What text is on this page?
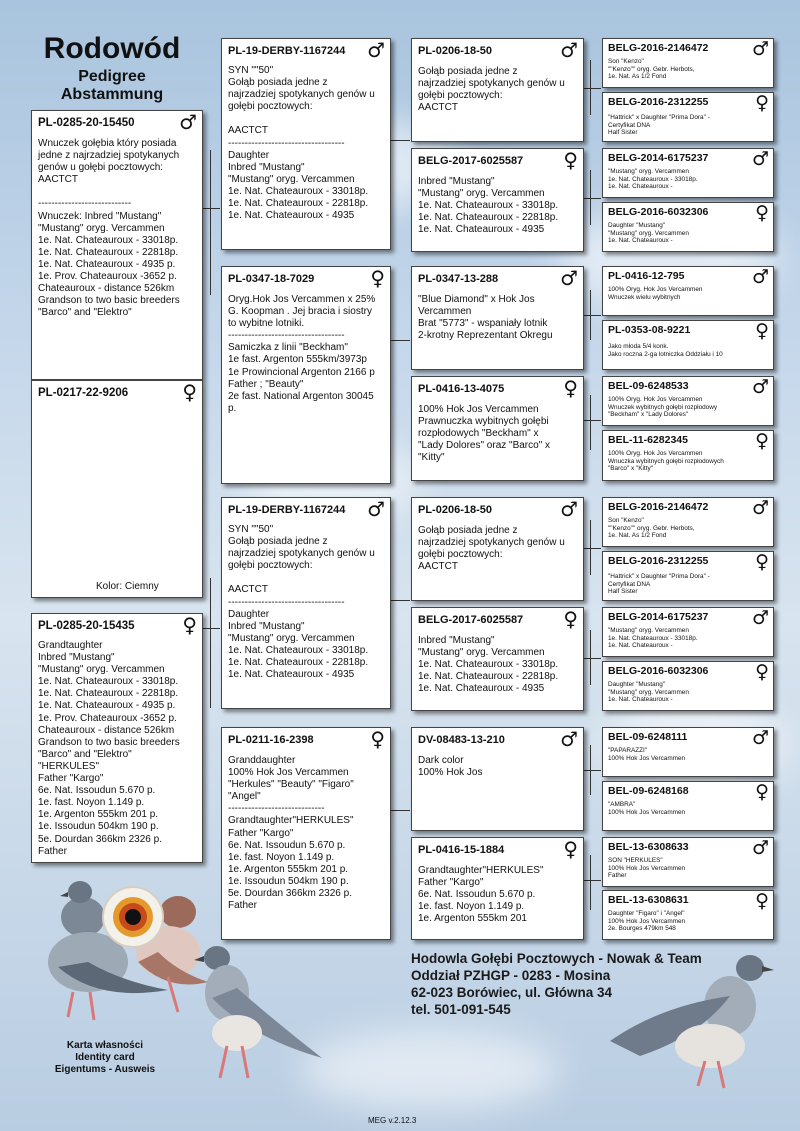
Rodowód
Pedigree
Abstammung
PL-0285-20-15450 ♂
Wnuczek gołębia który posiada
jedne z najrzadziej spotykanych
genów u gołębi pocztowych:
AACTCT

----------------------------
Wnuczek: Inbred "Mustang"
"Mustang" oryg. Vercammen
1e. Nat. Chateauroux - 33018p.
1e. Nat. Chateauroux - 22818p.
1e. Nat. Chateauroux - 4935 p.
1e. Prov. Chateauroux -3652 p.
Chateauroux - distance 526km
Grandson to two basic breeders
"Barco" and "Elektro"
PL-0217-22-9206	♀
Kolor: Ciemny
PL-0285-20-15435 ♀
Grandtaughter
Inbred "Mustang"
"Mustang" oryg. Vercammen
1e. Nat. Chateauroux - 33018p.
1e. Nat. Chateauroux - 22818p.
1e. Nat. Chateauroux - 4935 p.
1e. Prov. Chateauroux -3652 p.
Chateauroux - distance 526km
Grandson to two basic breeders
"Barco" and "Elektro"
"HERKULES"
Father "Kargo"
6e. Nat. Issoudun 5.670 p.
1e. fast. Noyon 1.149 p.
1e. Argenton 555km 201 p.
1e. Issoudun 504km 190 p.
5e. Dourdan 366km 2326 p.
Father
PL-19-DERBY-1167244 ♂
SYN ""50"
Gołąb posiada jedne z
najrzadziej spotykanych genów u
gołębi pocztowych:

AACTCT
-----------------------------------
Daughter
Inbred "Mustang"
"Mustang" oryg. Vercammen
1e. Nat. Chateauroux - 33018p.
1e. Nat. Chateauroux - 22818p.
1e. Nat. Chateauroux - 4935
PL-0347-18-7029	♀
Oryg.Hok Jos Vercammen x 25%
G. Koopman . Jej bracia i siostry
to wybitne lotniki.
-----------------------------------
Samiczka z linii "Beckham"
1e fast. Argenton 555km/3973p
1e Prowincional Argenton 2166 p
Father ; "Beauty"
2e fast. National Argenton 30045
p.
PL-19-DERBY-1167244 ♂
SYN ""50"
Gołąb posiada jedne z
najrzadziej spotykanych genów u
gołębi pocztowych:

AACTCT
-----------------------------------
Daughter
Inbred "Mustang"
"Mustang" oryg. Vercammen
1e. Nat. Chateauroux - 33018p.
1e. Nat. Chateauroux - 22818p.
1e. Nat. Chateauroux - 4935
PL-0211-16-2398	♀
Granddaughter
100% Hok Jos Vercammen
"Herkules" "Beauty" "Figaro"
"Angel"
-----------------------------
Grandtaughter"HERKULES"
Father "Kargo"
6e. Nat. Issoudun 5.670 p.
1e. fast. Noyon 1.149 p.
1e. Argenton 555km 201 p.
1e. Issoudun 504km 190 p.
5e. Dourdan 366km 2326 p.
Father
PL-0206-18-50	♂
Gołąb posiada jedne z
najrzadziej spotykanych genów u
gołębi pocztowych:
AACTCT
BELG-2017-6025587 ♀
Inbred "Mustang"
"Mustang" oryg. Vercammen
1e. Nat. Chateauroux - 33018p.
1e. Nat. Chateauroux - 22818p.
1e. Nat. Chateauroux - 4935
PL-0347-13-288	♂
"Blue Diamond" x Hok Jos
Vercammen
Brat "5773" - wspaniały lotnik
2-krotny Reprezentant Okregu
PL-0416-13-4075	♀
100% Hok Jos Vercammen
Prawnuczka wybitnych gołębi
rozpłodowych "Beckham" x
"Lady Dolores" oraz "Barco" x
"Kitty"
PL-0206-18-50	♂
Gołąb posiada jedne z
najrzadziej spotykanych genów u
gołębi pocztowych:
AACTCT
BELG-2017-6025587 ♀
Inbred "Mustang"
"Mustang" oryg. Vercammen
1e. Nat. Chateauroux - 33018p.
1e. Nat. Chateauroux - 22818p.
1e. Nat. Chateauroux - 4935
DV-08483-13-210	♂
Dark color
100% Hok Jos
PL-0416-15-1884	♀
Grandtaughter"HERKULES"
Father "Kargo"
6e. Nat. Issoudun 5.670 p.
1e. fast. Noyon 1.149 p.
1e. Argenton 555km 201
BELG-2016-2146472 ♂
Son "Kenzo"
""Kenzo"" oryg. Gebr. Herbots,
1e. Nat. As 1/2 Fond
BELG-2016-2312255 ♀
"Hattrick" x Daughter "Prima Dora" -
Certyfikat DNA
Half Sister
BELG-2014-6175237 ♂
"Mustang" oryg. Vercammen
1e. Nat. Chateauroux - 33018p.
1e. Nat. Chateauroux -
BELG-2016-6032306 ♀
Daughter "Mustang"
"Mustang" oryg. Vercammen
1e. Nat. Chateauroux -
PL-0416-12-795	♂
100% Oryg. Hok Jos Vercammen
Wnuczek wielu wybitnych
PL-0353-08-9221	♀
Jako młoda 5/4 konk.
Jako roczna 2-ga lotniczka Oddziału i 10
BEL-09-6248533	♂
100% Oryg. Hok Jos Vercammen
Wnuczek wybitnych gołębi rozpłodowy
"Beckham" x "Lady Dolores"
BEL-11-6282345	♀
100% Oryg. Hok Jos Vercammen
Wnuczka wybitnych gołębi rozpłodowych
"Barco" x "Kitty"
BELG-2016-2146472 ♂
Son "Kenzo"
""Kenzo"" oryg. Gebr. Herbots,
1e. Nat. As 1/2 Fond
BELG-2016-2312255 ♀
"Hattrick" x Daughter "Prima Dora" -
Certyfikat DNA
Half Sister
BELG-2014-6175237 ♂
"Mustang" oryg. Vercammen
1e. Nat. Chateauroux - 33018p.
1e. Nat. Chateauroux -
BELG-2016-6032306 ♀
Daughter "Mustang"
"Mustang" oryg. Vercammen
1e. Nat. Chateauroux -
BEL-09-6248111	♂
"PAPARAZZI"
100% Hok Jos Vercammen
BEL-09-6248168	♀
"AMBRA"
100% Hok Jos Vercammen
BEL-13-6308633	♂
SON "HERKULES"
100% Hok Jos Vercammen
Father
BEL-13-6308631	♀
Daughter "Figaro" i "Angel"
100% Hok Jos Vercammen
2e. Bourges 479km 548
Hodowla Gołębi Pocztowych - Nowak & Team
Oddział PZHGP - 0283 - Mosina
62-023 Borówiec, ul. Główna 34
tel. 501-091-545
Karta własności
Identity card
Eigentums - Ausweis
MEG v.2.12.3
